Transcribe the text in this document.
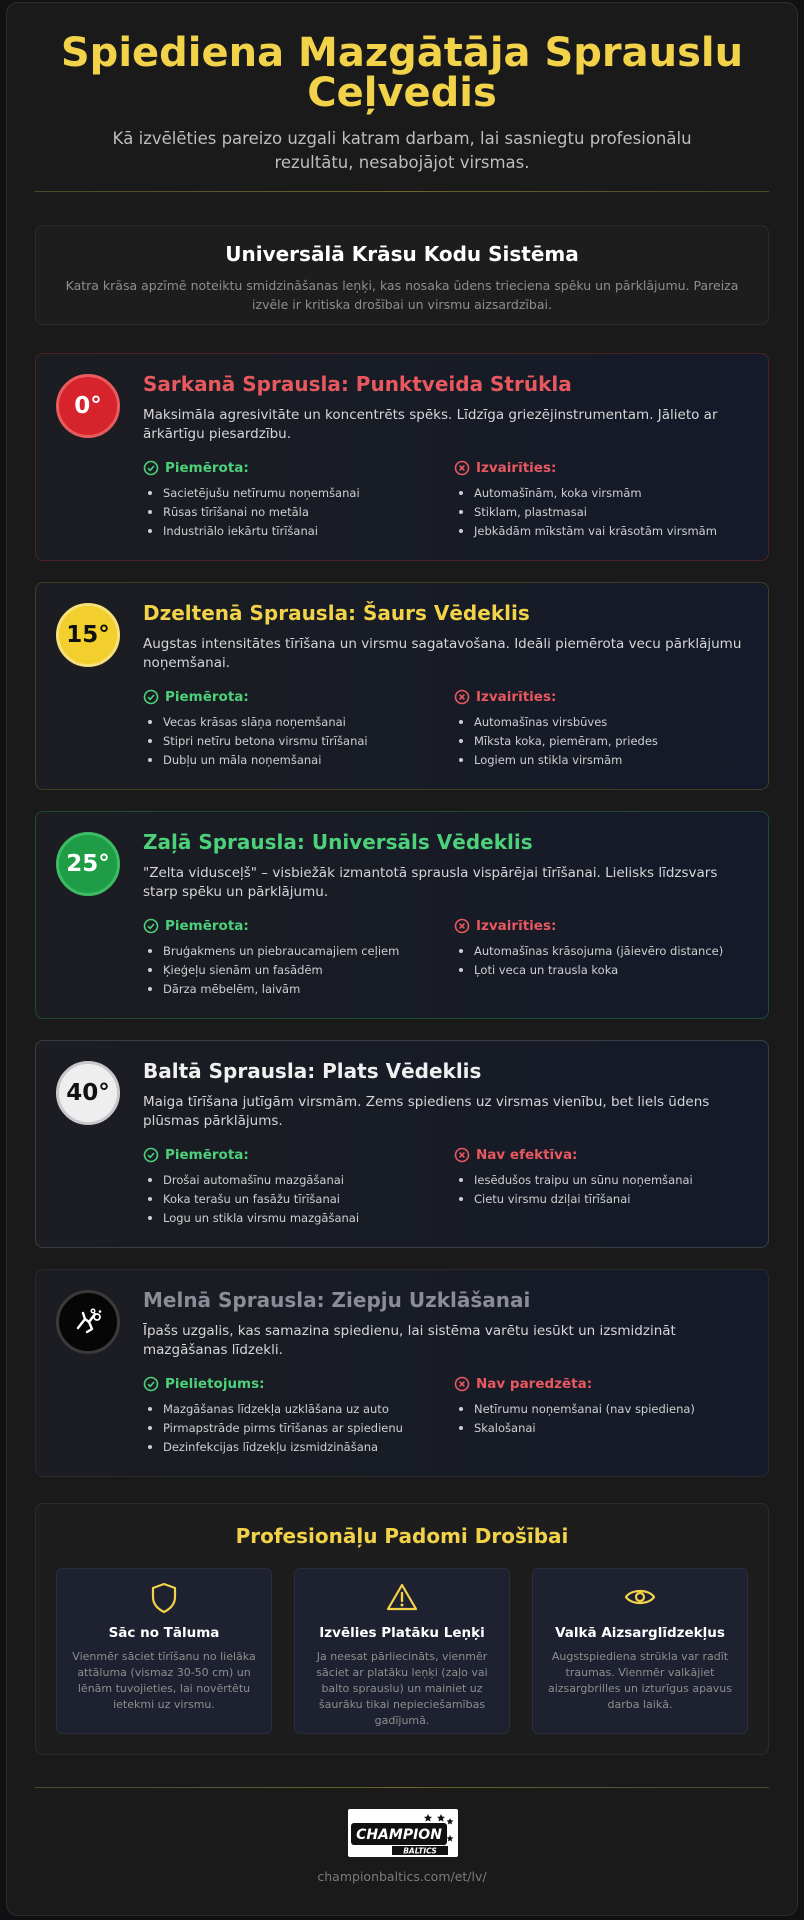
Spiediena Mazgātāja Sprauslu Ceļvedis
Kā izvēlēties pareizo uzgali katram darbam, lai sasniegtu profesionālu rezultātu, nesabojājot virsmas.
Universālā Krāsu Kodu Sistēma
Katra krāsa apzīmē noteiktu smidzināšanas leņķi, kas nosaka ūdens trieciena spēku un pārklājumu. Pareiza izvēle ir kritiska drošībai un virsmu aizsardzībai.
0°
Sarkanā Sprausla: Punktveida Strūkla
Maksimāla agresivitāte un koncentrēts spēks. Līdzīga griezējinstrumentam. Jālieto ar ārkārtīgu piesardzību.
Piemērota:
Sacietējušu netīrumu noņemšanai
Rūsas tīrīšanai no metāla
Industriālo iekārtu tīrīšanai
Izvairīties:
Automašīnām, koka virsmām
Stiklam, plastmasai
Jebkādām mīkstām vai krāsotām virsmām
15°
Dzeltenā Sprausla: Šaurs Vēdeklis
Augstas intensitātes tīrīšana un virsmu sagatavošana. Ideāli piemērota vecu pārklājumu noņemšanai.
Piemērota:
Vecas krāsas slāņa noņemšanai
Stipri netīru betona virsmu tīrīšanai
Dubļu un māla noņemšanai
Izvairīties:
Automašīnas virsbūves
Mīksta koka, piemēram, priedes
Logiem un stikla virsmām
25°
Zaļā Sprausla: Universāls Vēdeklis
"Zelta vidusceļš" – visbiežāk izmantotā sprausla vispārējai tīrīšanai. Lielisks līdzsvars starp spēku un pārklājumu.
Piemērota:
Bruģakmens un piebraucamajiem ceļiem
Ķieģeļu sienām un fasādēm
Dārza mēbelēm, laivām
Izvairīties:
Automašīnas krāsojuma (jāievēro distance)
Ļoti veca un trausla koka
40°
Baltā Sprausla: Plats Vēdeklis
Maiga tīrīšana jutīgām virsmām. Zems spiediens uz virsmas vienību, bet liels ūdens plūsmas pārklājums.
Piemērota:
Drošai automašīnu mazgāšanai
Koka terašu un fasāžu tīrīšanai
Logu un stikla virsmu mazgāšanai
Nav efektīva:
Iesēdušos traipu un sūnu noņemšanai
Cietu virsmu dziļai tīrīšanai
Melnā Sprausla: Ziepju Uzklāšanai
Īpašs uzgalis, kas samazina spiedienu, lai sistēma varētu iesūkt un izsmidzināt mazgāšanas līdzekli.
Pielietojums:
Mazgāšanas līdzekļa uzklāšana uz auto
Pirmapstrāde pirms tīrīšanas ar spiedienu
Dezinfekcijas līdzekļu izsmidzināšana
Nav paredzēta:
Netīrumu noņemšanai (nav spiediena)
Skalošanai
Profesionāļu Padomi Drošībai
Sāc no Tāluma
Vienmēr sāciet tīrīšanu no lielāka attāluma (vismaz 30-50 cm) un lēnām tuvojieties, lai novērtētu ietekmi uz virsmu.
Izvēlies Platāku Leņķi
Ja neesat pārliecināts, vienmēr sāciet ar platāku leņķi (zaļo vai balto sprauslu) un mainiet uz šaurāku tikai nepieciešamības gadījumā.
Valkā Aizsarglīdzekļus
Augstspiediena strūkla var radīt traumas. Vienmēr valkājiet aizsargbrilles un izturīgus apavus darba laikā.
CHAMPION
BALTICS
championbaltics.com/et/lv/
